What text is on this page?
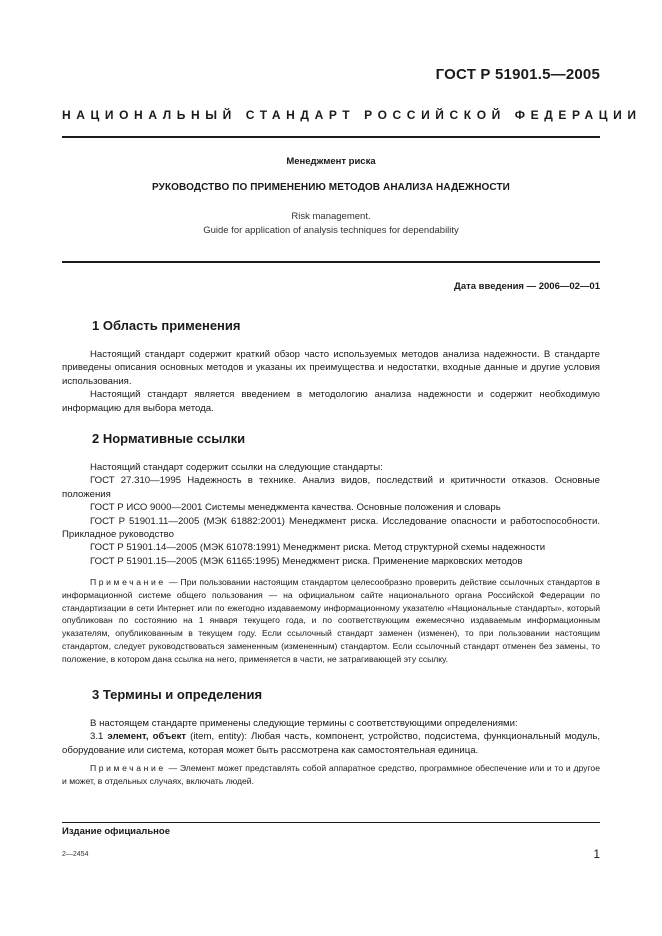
ГОСТ Р 51901.5—2005
НАЦИОНАЛЬНЫЙ СТАНДАРТ РОССИЙСКОЙ ФЕДЕРАЦИИ
Менеджмент риска
РУКОВОДСТВО ПО ПРИМЕНЕНИЮ МЕТОДОВ АНАЛИЗА НАДЕЖНОСТИ
Risk management.
Guide for application of analysis techniques for dependability
Дата введения — 2006—02—01
1 Область применения

Настоящий стандарт содержит краткий обзор часто используемых методов анализа надежности. В стандарте приведены описания основных методов и указаны их преимущества и недостатки, входные данные и другие условия использования.

Настоящий стандарт является введением в методологию анализа надежности и содержит необходимую информацию для выбора метода.

2 Нормативные ссылки

Настоящий стандарт содержит ссылки на следующие стандарты:

ГОСТ 27.310—1995 Надежность в технике. Анализ видов, последствий и критичности отказов. Основные положения

ГОСТ Р ИСО 9000—2001 Системы менеджмента качества. Основные положения и словарь

ГОСТ Р 51901.11—2005 (МЭК 61882:2001) Менеджмент риска. Исследование опасности и работоспособности. Прикладное руководство

ГОСТ Р 51901.14—2005 (МЭК 61078:1991) Менеджмент риска. Метод структурной схемы надежности

ГОСТ Р 51901.15—2005 (МЭК 61165:1995) Менеджмент риска. Применение марковских методов

Примечание — При пользовании настоящим стандартом целесообразно проверить действие ссылочных стандартов в информационной системе общего пользования — на официальном сайте национального органа Российской Федерации по стандартизации в сети Интернет или по ежегодно издаваемому информационному указателю «Национальные стандарты», который опубликован по состоянию на 1 января текущего года, и по соответствующим ежемесячно издаваемым информационным указателям, опубликованным в текущем году. Если ссылочный стандарт заменен (изменен), то при пользовании настоящим стандартом, следует руководствоваться замененным (измененным) стандартом. Если ссылочный стандарт отменен без замены, то положение, в котором дана ссылка на него, применяется в части, не затрагивающей эту ссылку.

3 Термины и определения

В настоящем стандарте применены следующие термины с соответствующими определениями:

3.1 элемент, объект (item, entity): Любая часть, компонент, устройство, подсистема, функциональный модуль, оборудование или система, которая может быть рассмотрена как самостоятельная единица.

Примечание — Элемент может представлять собой аппаратное средство, программное обеспечение или и то и другое и может, в отдельных случаях, включать людей.

Издание официальное
2—2454	1
